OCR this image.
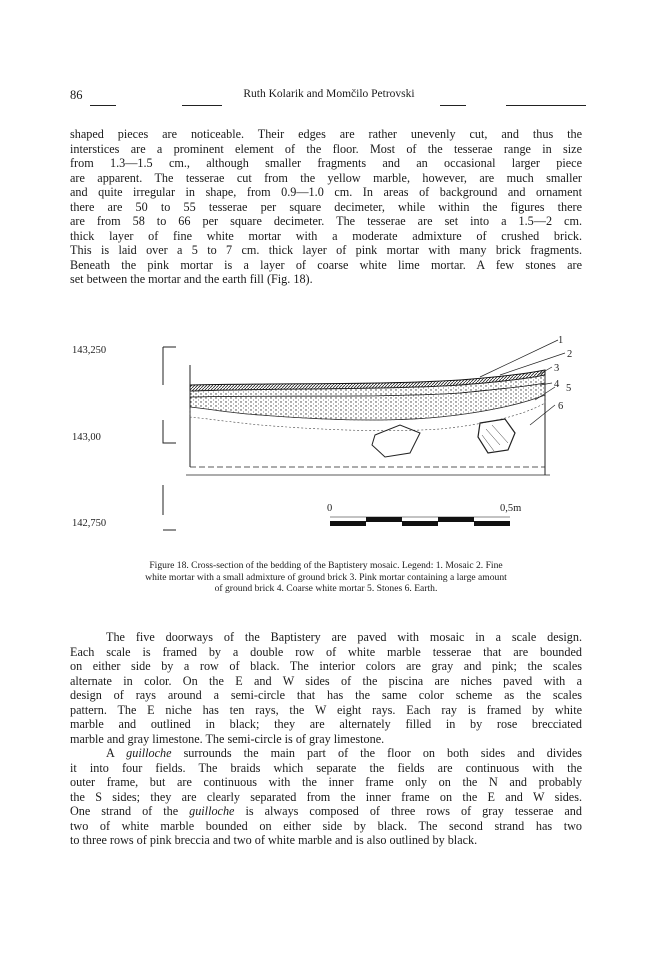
86	Ruth Kolarik and Momčilo Petrovski
shaped pieces are noticeable. Their edges are rather unevenly cut, and thus the
interstices are a prominent element of the floor. Most of the tesserae range in size
from 1.3—1.5 cm., although smaller fragments and an occasional larger piece
are apparent. The tesserae cut from the yellow marble, however, are much smaller
and quite irregular in shape, from 0.9—1.0 cm. In areas of background and ornament
there are 50 to 55 tesserae per square decimeter, while within the figures there
are from 58 to 66 per square decimeter. The tesserae are set into a 1.5—2 cm.
thick layer of fine white mortar with a moderate admixture of crushed brick.
This is laid over a 5 to 7 cm. thick layer of pink mortar with many brick fragments.
Beneath the pink mortar is a layer of coarse white lime mortar. A few stones are
set between the mortar and the earth fill (Fig. 18).
143,250
143,00
142,750
1
2
3
4 5
6
0	0,5m
Figure 18. Cross-section of the bedding of the Baptistery mosaic. Legend: 1. Mosaic 2. Fine
white mortar with a small admixture of ground brick 3. Pink mortar containing a large amount
of ground brick 4. Coarse white mortar 5. Stones 6. Earth.
The five doorways of the Baptistery are paved with mosaic in a scale design.
Each scale is framed by a double row of white marble tesserae that are bounded
on either side by a row of black. The interior colors are gray and pink; the scales
alternate in color. On the E and W sides of the piscina are niches paved with a
design of rays around a semi-circle that has the same color scheme as the scales
pattern. The E niche has ten rays, the W eight rays. Each ray is framed by white
marble and outlined in black; they are alternately filled in by rose brecciated
marble and gray limestone. The semi-circle is of gray limestone.
A guilloche surrounds the main part of the floor on both sides and divides
it into four fields. The braids which separate the fields are continuous with the
outer frame, but are continuous with the inner frame only on the N and probably
the S sides; they are clearly separated from the inner frame on the E and W sides.
One strand of the guilloche is always composed of three rows of gray tesserae and
two of white marble bounded on either side by black. The second strand has two
to three rows of pink breccia and two of white marble and is also outlined by black.
